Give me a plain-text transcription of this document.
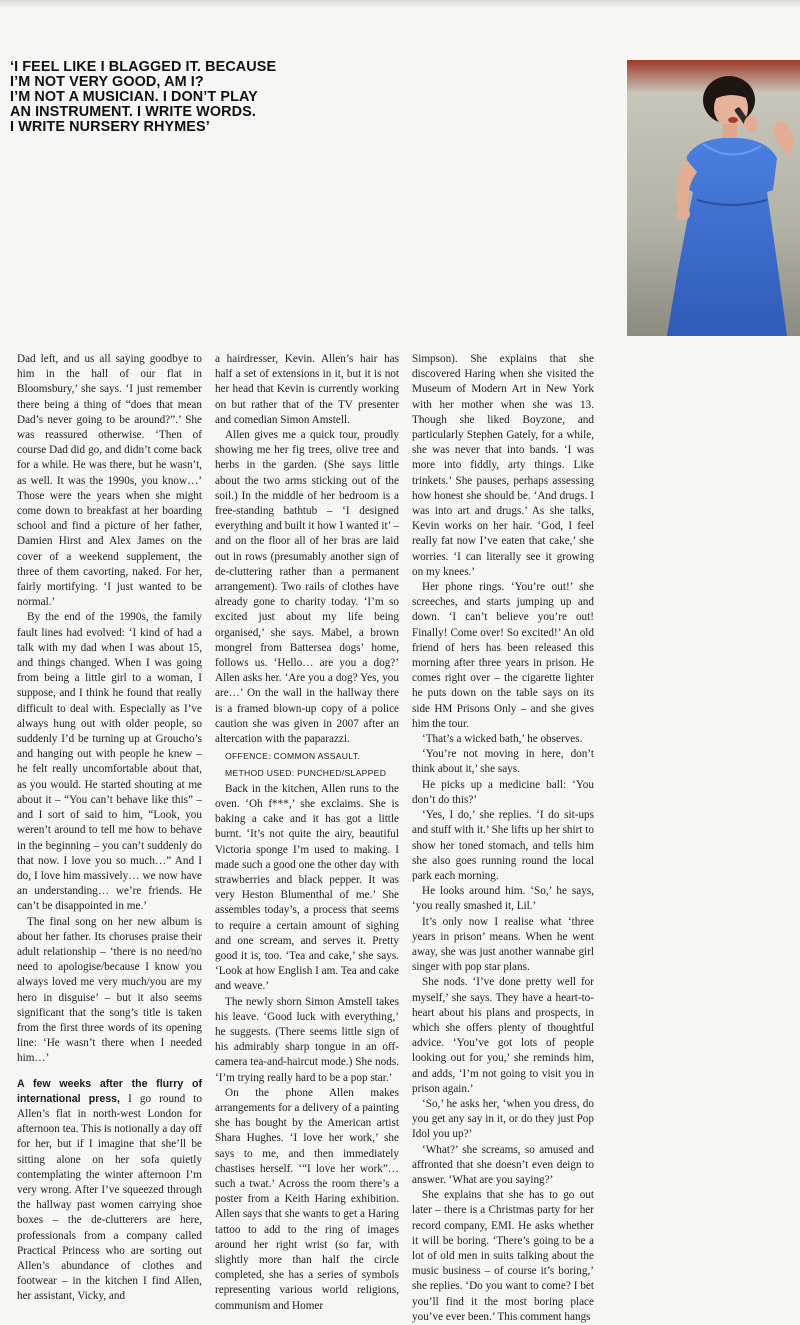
‘I FEEL LIKE I BLAGGED IT. BECAUSE
I’M NOT VERY GOOD, AM I?
I’M NOT A MUSICIAN. I DON’T PLAY
AN INSTRUMENT. I WRITE WORDS.
I WRITE NURSERY RHYMES’

Dad left, and us all saying goodbye to him in the hall of our flat in Bloomsbury,’ she says. ‘I just remember there being a thing of “does that mean Dad’s never going to be around?”.’ She was reassured otherwise. ‘Then of course Dad did go, and didn’t come back for a while. He was there, but he wasn’t, as well. It was the 1990s, you know…’ Those were the years when she might come down to breakfast at her boarding school and find a picture of her father, Damien Hirst and Alex James on the cover of a weekend supplement, the three of them cavorting, naked. For her, fairly mortifying. ‘I just wanted to be normal.’

By the end of the 1990s, the family fault lines had evolved: ‘I kind of had a talk with my dad when I was about 15, and things changed. When I was going from being a little girl to a woman, I suppose, and I think he found that really difficult to deal with. Especially as I’ve always hung out with older people, so suddenly I’d be turning up at Groucho’s and hanging out with people he knew – he felt really uncomfortable about that, as you would. He started shouting at me about it – “You can’t behave like this” – and I sort of said to him, “Look, you weren’t around to tell me how to behave in the beginning – you can’t suddenly do that now. I love you so much…” And I do, I love him massively… we now have an understanding… we’re friends. He can’t be disappointed in me.’

The final song on her new album is about her father. Its choruses praise their adult relationship – ‘there is no need/no need to apologise/because I know you always loved me very much/you are my hero in disguise’ – but it also seems significant that the song’s title is taken from the first three words of its opening line: ‘He wasn’t there when I needed him…’

A few weeks after the flurry of international press, I go round to Allen’s flat in north-west London for afternoon tea. This is notionally a day off for her, but if I imagine that she’ll be sitting alone on her sofa quietly contemplating the winter afternoon I’m very wrong. After I’ve squeezed through the hallway past women carrying shoe boxes – the de-clutterers are here, professionals from a company called Practical Princess who are sorting out Allen’s abundance of clothes and footwear – in the kitchen I find Allen, her assistant, Vicky, and

a hairdresser, Kevin. Allen’s hair has half a set of extensions in it, but it is not her head that Kevin is currently working on but rather that of the TV presenter and comedian Simon Amstell.

Allen gives me a quick tour, proudly showing me her fig trees, olive tree and herbs in the garden. (She says little about the two arms sticking out of the soil.) In the middle of her bedroom is a free-standing bathtub – ‘I designed everything and built it how I wanted it’ – and on the floor all of her bras are laid out in rows (presumably another sign of de-cluttering rather than a permanent arrangement). Two rails of clothes have already gone to charity today. ‘I’m so excited just about my life being organised,’ she says. Mabel, a brown mongrel from Battersea dogs’ home, follows us. ‘Hello… are you a dog?’ Allen asks her. ‘Are you a dog? Yes, you are…’ On the wall in the hallway there is a framed blown-up copy of a police caution she was given in 2007 after an altercation with the paparazzi.

OFFENCE: COMMON ASSAULT.

METHOD USED: PUNCHED/SLAPPED

Back in the kitchen, Allen runs to the oven. ‘Oh f***,’ she exclaims. She is baking a cake and it has got a little burnt. ‘It’s not quite the airy, beautiful Victoria sponge I’m used to making. I made such a good one the other day with strawberries and black pepper. It was very Heston Blumenthal of me.’ She assembles today’s, a process that seems to require a certain amount of sighing and one scream, and serves it. Pretty good it is, too. ‘Tea and cake,’ she says. ‘Look at how English I am. Tea and cake and weave.’

The newly shorn Simon Amstell takes his leave. ‘Good luck with everything,’ he suggests. (There seems little sign of his admirably sharp tongue in an off-camera tea-and-haircut mode.) She nods. ‘I’m trying really hard to be a pop star.’

On the phone Allen makes arrangements for a delivery of a painting she has bought by the American artist Shara Hughes. ‘I love her work,’ she says to me, and then immediately chastises herself. ‘“I love her work”… such a twat.’ Across the room there’s a poster from a Keith Haring exhibition. Allen says that she wants to get a Haring tattoo to add to the ring of images around her right wrist (so far, with slightly more than half the circle completed, she has a series of symbols representing various world religions, communism and Homer

Simpson). She explains that she discovered Haring when she visited the Museum of Modern Art in New York with her mother when she was 13. Though she liked Boyzone, and particularly Stephen Gately, for a while, she was never that into bands. ‘I was more into fiddly, arty things. Like trinkets.’ She pauses, perhaps assessing how honest she should be. ‘And drugs. I was into art and drugs.’ As she talks, Kevin works on her hair. ‘God, I feel really fat now I’ve eaten that cake,’ she worries. ‘I can literally see it growing on my knees.’

Her phone rings. ‘You’re out!’ she screeches, and starts jumping up and down. ‘I can’t believe you’re out! Finally! Come over! So excited!’ An old friend of hers has been released this morning after three years in prison. He comes right over – the cigarette lighter he puts down on the table says on its side HM Prisons Only – and she gives him the tour.

‘That’s a wicked bath,’ he observes.

‘You’re not moving in here, don’t think about it,’ she says.

He picks up a medicine ball: ‘You don’t do this?’

‘Yes, I do,’ she replies. ‘I do sit-ups and stuff with it.’ She lifts up her shirt to show her toned stomach, and tells him she also goes running round the local park each morning.

He looks around him. ‘So,’ he says, ‘you really smashed it, Lil.’

It’s only now I realise what ‘three years in prison’ means. When he went away, she was just another wannabe girl singer with pop star plans.

She nods. ‘I’ve done pretty well for myself,’ she says. They have a heart-to-heart about his plans and prospects, in which she offers plenty of thoughtful advice. ‘You’ve got lots of people looking out for you,’ she reminds him, and adds, ‘I’m not going to visit you in prison again.’

‘So,’ he asks her, ‘when you dress, do you get any say in it, or do they just Pop Idol you up?’

‘What?’ she screams, so amused and affronted that she doesn’t even deign to answer. ‘What are you saying?’

She explains that she has to go out later – there is a Christmas party for her record company, EMI. He asks whether it will be boring. ‘There’s going to be a lot of old men in suits talking about the music business – of course it’s boring,’ she replies. ‘Do you want to come? I bet you’ll find it the most boring place you’ve ever been.’ This comment hangs
